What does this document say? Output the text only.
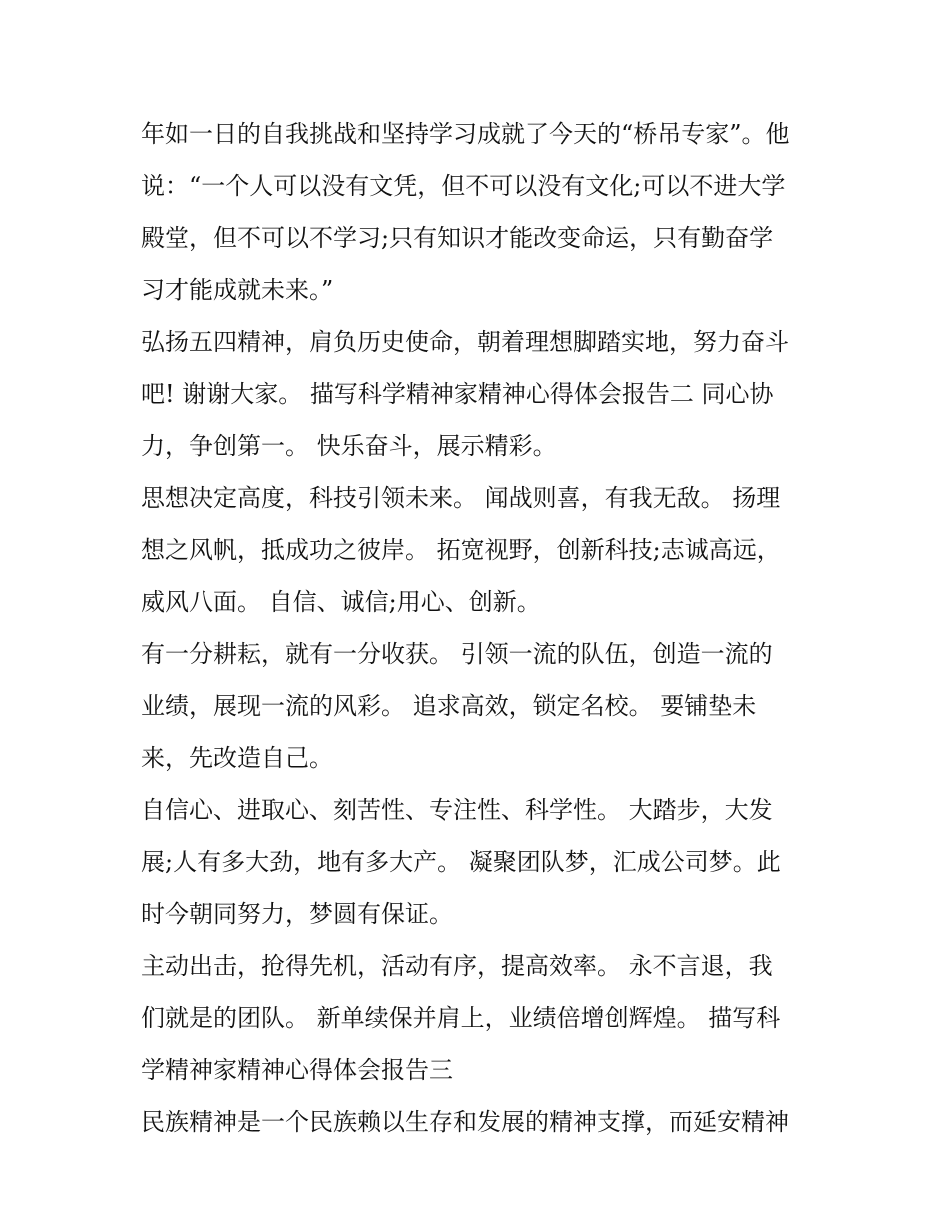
年如一日的自我挑战和坚持学习成就了今天的“桥吊专家”。他
说：“一个人可以没有文凭，但不可以没有文化;可以不进大学
殿堂，但不可以不学习;只有知识才能改变命运，只有勤奋学
习才能成就未来。”
弘扬五四精神，肩负历史使命，朝着理想脚踏实地，努力奋斗
吧! 谢谢大家。 描写科学精神家精神心得体会报告二 同心协
力，争创第一。 快乐奋斗，展示精彩。
思想决定高度，科技引领未来。 闻战则喜，有我无敌。 扬理
想之风帆，抵成功之彼岸。 拓宽视野，创新科技;志诚高远，
威风八面。 自信、诚信;用心、创新。
有一分耕耘，就有一分收获。 引领一流的队伍，创造一流的
业绩，展现一流的风彩。 追求高效，锁定名校。 要铺垫未
来，先改造自己。
自信心、进取心、刻苦性、专注性、科学性。 大踏步，大发
展;人有多大劲，地有多大产。 凝聚团队梦，汇成公司梦。此
时今朝同努力，梦圆有保证。
主动出击，抢得先机，活动有序，提高效率。 永不言退，我
们就是的团队。 新单续保并肩上，业绩倍增创辉煌。 描写科
学精神家精神心得体会报告三
民族精神是一个民族赖以生存和发展的精神支撑，而延安精神
